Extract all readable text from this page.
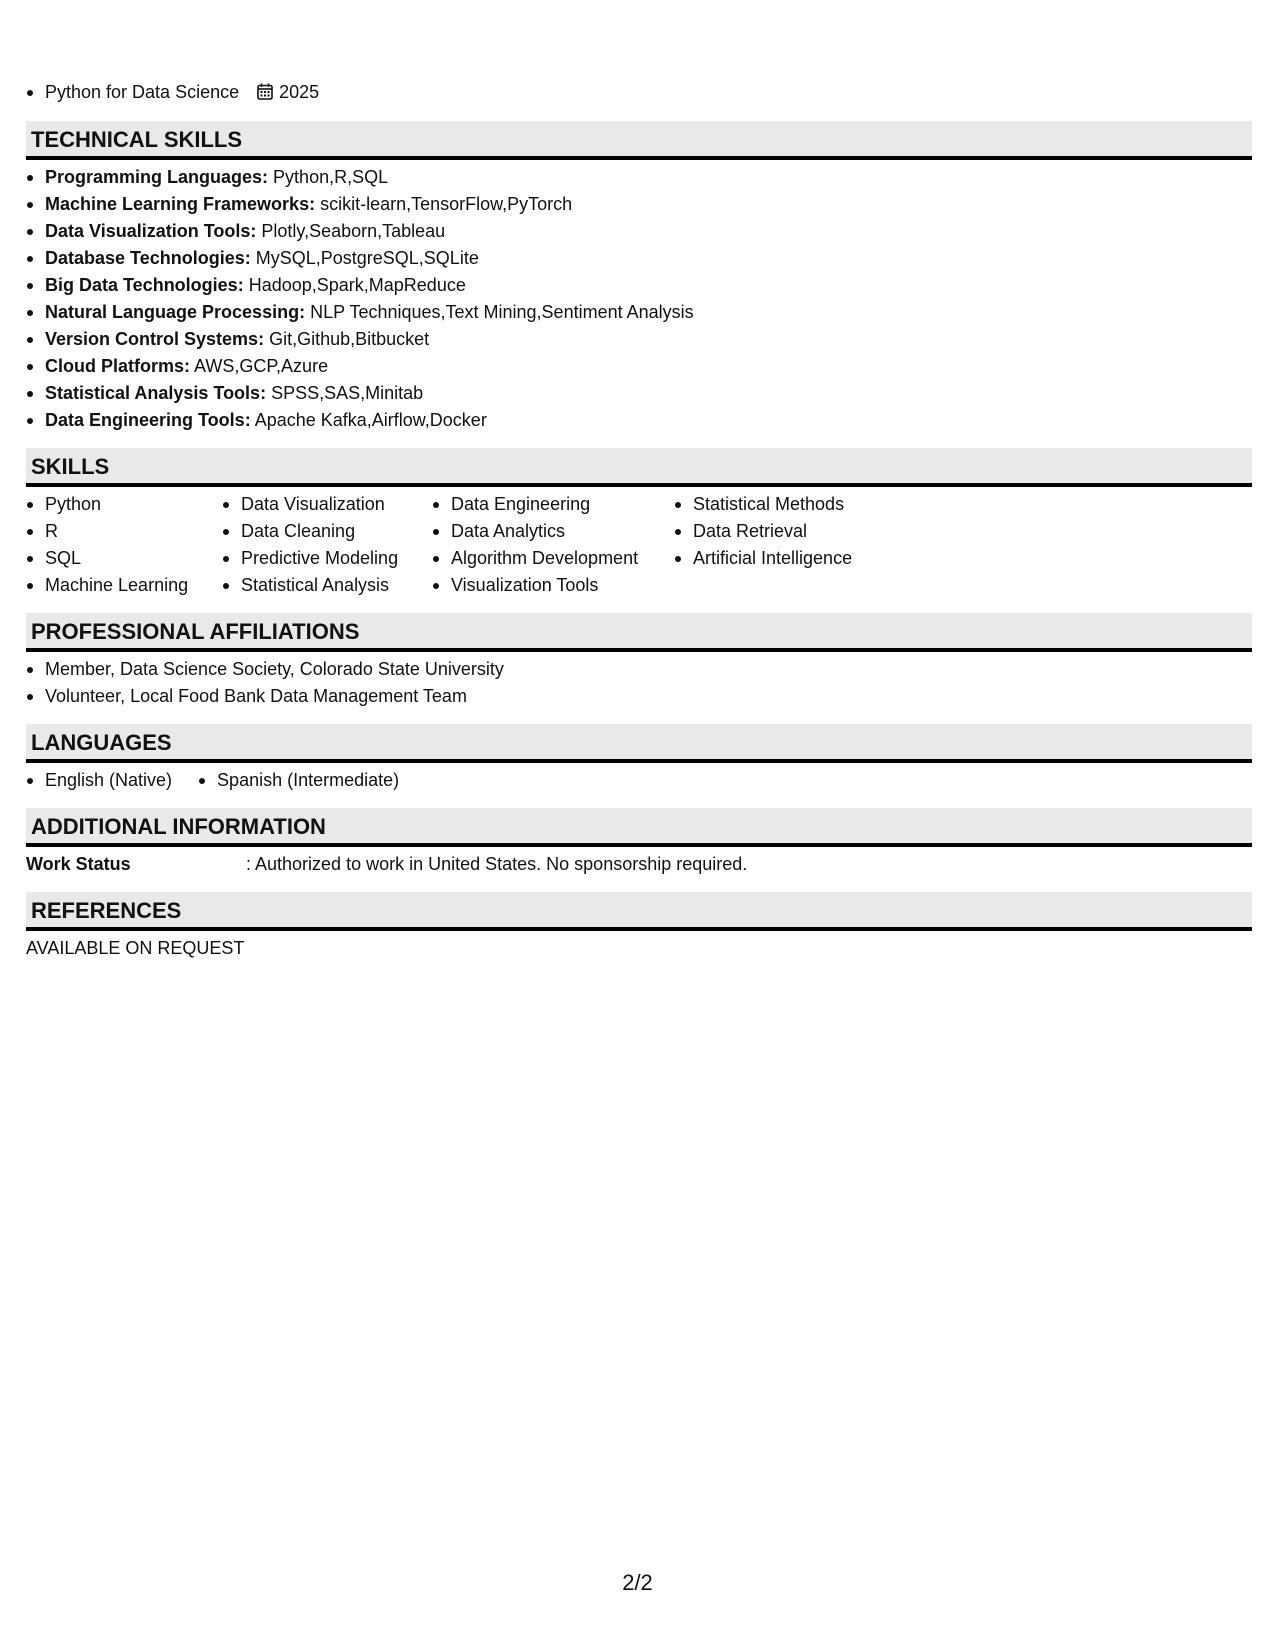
Python for Data Science 2025
TECHNICAL SKILLS
Programming Languages: Python,R,SQL
Machine Learning Frameworks: scikit-learn,TensorFlow,PyTorch
Data Visualization Tools: Plotly,Seaborn,Tableau
Database Technologies: MySQL,PostgreSQL,SQLite
Big Data Technologies: Hadoop,Spark,MapReduce
Natural Language Processing: NLP Techniques,Text Mining,Sentiment Analysis
Version Control Systems: Git,Github,Bitbucket
Cloud Platforms: AWS,GCP,Azure
Statistical Analysis Tools: SPSS,SAS,Minitab
Data Engineering Tools: Apache Kafka,Airflow,Docker
SKILLS
Python
R
SQL
Machine Learning
Data Visualization
Data Cleaning
Predictive Modeling
Statistical Analysis
Data Engineering
Data Analytics
Algorithm Development
Visualization Tools
Statistical Methods
Data Retrieval
Artificial Intelligence
PROFESSIONAL AFFILIATIONS
Member, Data Science Society, Colorado State University
Volunteer, Local Food Bank Data Management Team
LANGUAGES
English (Native)	Spanish (Intermediate)
ADDITIONAL INFORMATION
Work Status	: Authorized to work in United States. No sponsorship required.
REFERENCES
AVAILABLE ON REQUEST
2/2
